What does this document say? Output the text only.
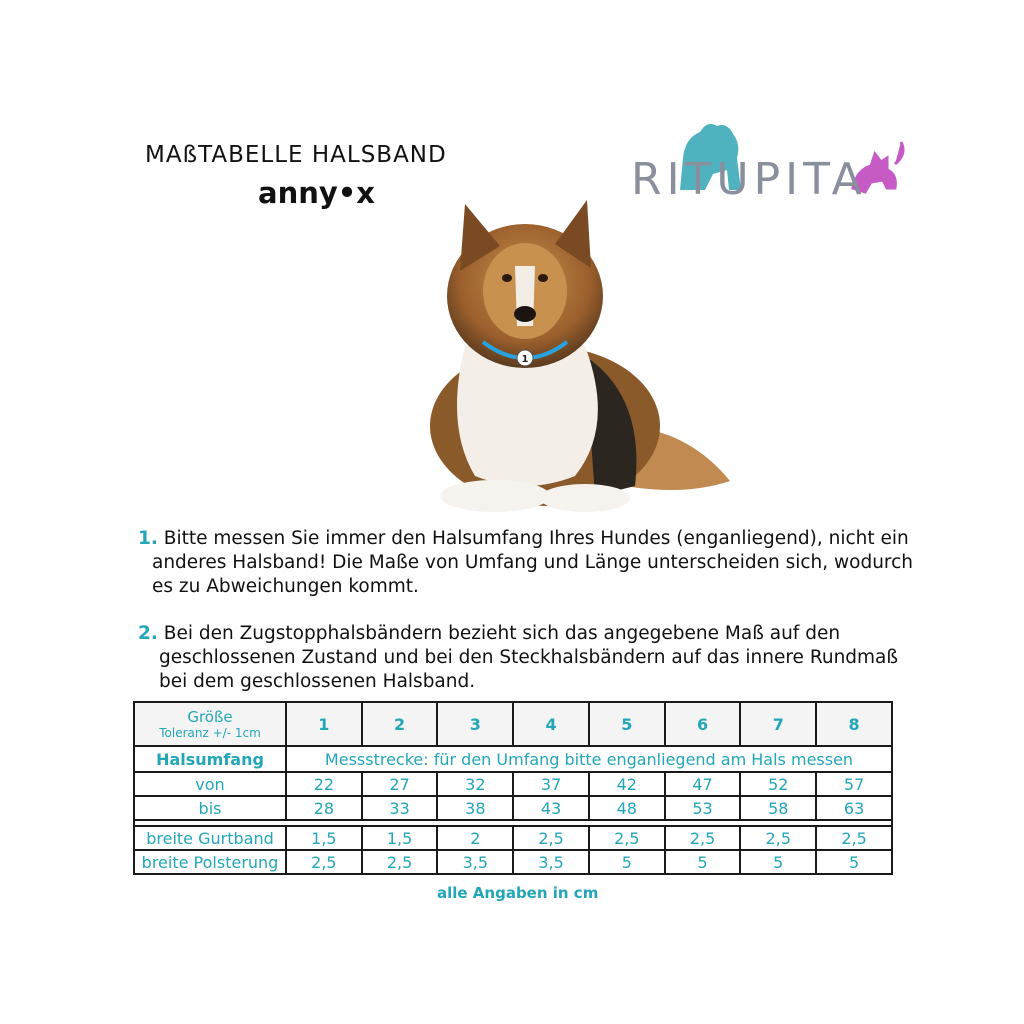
MAßTABELLE HALSBAND
anny•x	RITUPITA
1
1. Bitte messen Sie immer den Halsumfang Ihres Hundes (enganliegend), nicht ein
anderes Halsband! Die Maße von Umfang und Länge unterscheiden sich, wodurch
es zu Abweichungen kommt.
2. Bei den Zugstopphalsbändern bezieht sich das angegebene Maß auf den
geschlossenen Zustand und bei den Steckhalsbändern auf das innere Rundmaß
bei dem geschlossenen Halsband.
Größe
Toleranz +/- 1cm	1	2	3	4	5	6	7	8
Halsumfang	Messstrecke: für den Umfang bitte enganliegend am Hals messen							
von	22	27	32	37	42	47	52	57
bis	28	33	38	43	48	53	58	63

breite Gurtband	1,5	1,5	2	2,5	2,5	2,5	2,5	2,5
breite Polsterung	2,5	2,5	3,5	3,5	5	5	5	5
alle Angaben in cm
